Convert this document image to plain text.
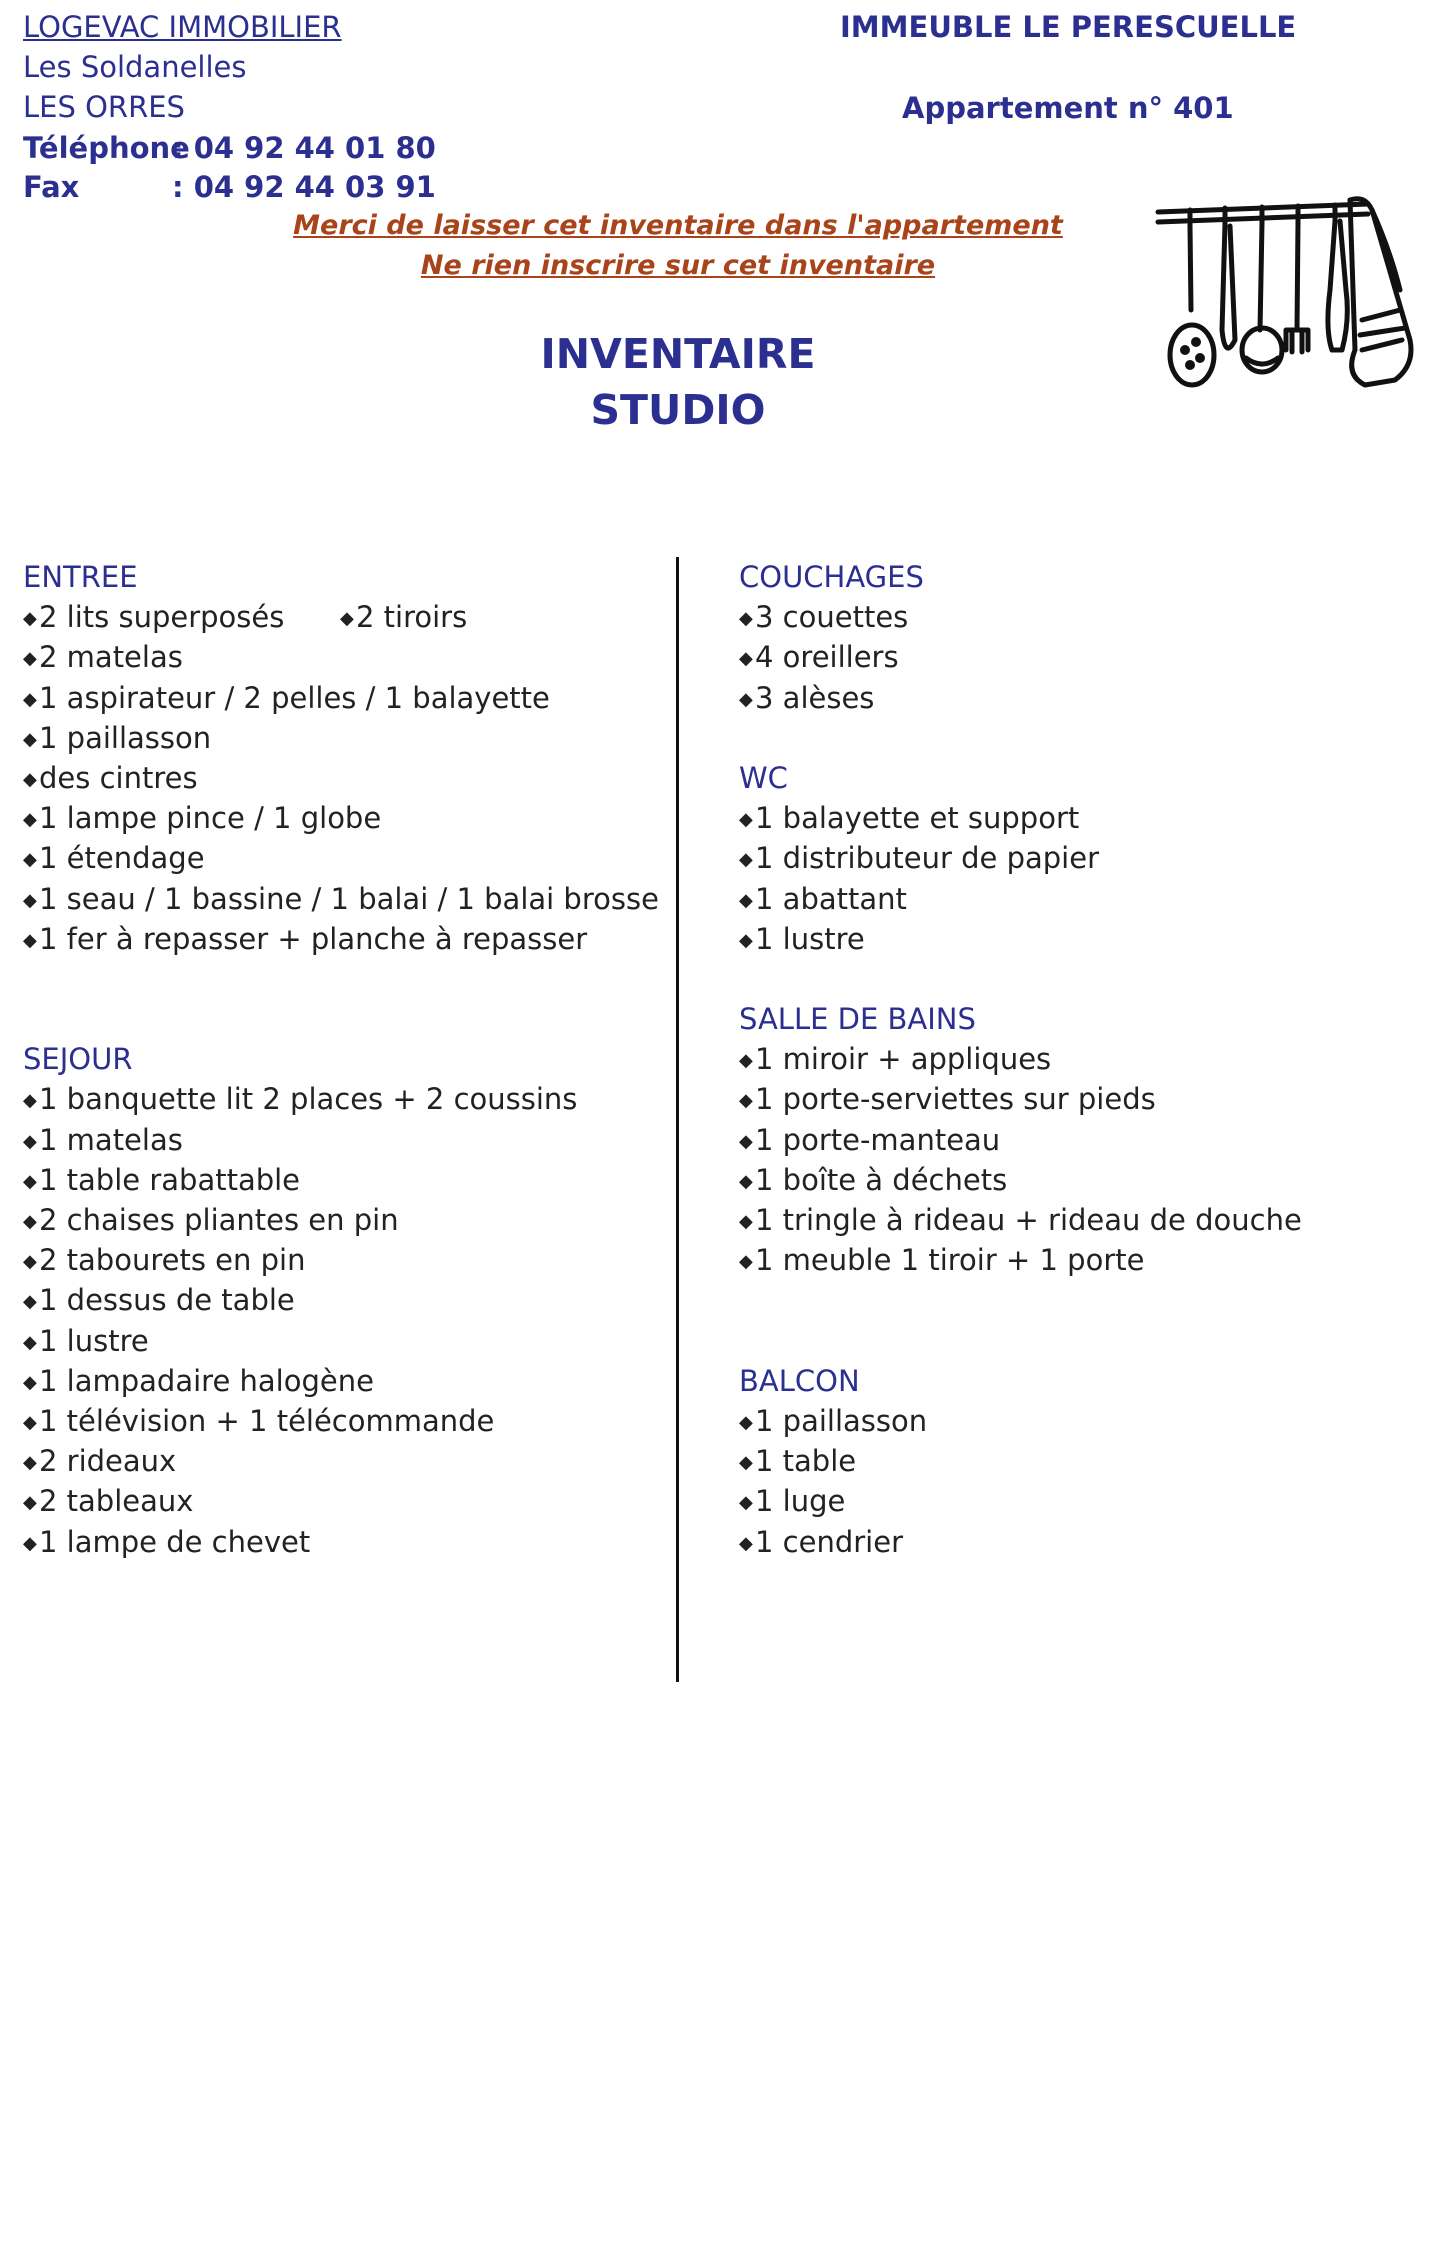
LOGEVAC IMMOBILIER
Les Soldanelles
LES ORRES
Téléphone
: 04 92 44 01 80
Fax	: 04 92 44 03 91
IMMEUBLE LE PERESCUELLE
Appartement n° 401
Merci de laisser cet inventaire dans l'appartement
Ne rien inscrire sur cet inventaire
INVENTAIRE
STUDIO
◆2 tiroirs
ENTREE
◆2 lits superposés
◆2 matelas
◆1 aspirateur / 2 pelles / 1 balayette
◆1 paillasson
◆des cintres
◆1 lampe pince / 1 globe
◆1 étendage
◆1 seau / 1 bassine / 1 balai / 1 balai brosse
◆1 fer à repasser + planche à repasser
SEJOUR
◆1 banquette lit 2 places + 2 coussins
◆1 matelas
◆1 table rabattable
◆2 chaises pliantes en pin
◆2 tabourets en pin
◆1 dessus de table
◆1 lustre
◆1 lampadaire halogène
◆1 télévision + 1 télécommande
◆2 rideaux
◆2 tableaux
◆1 lampe de chevet
COUCHAGES
◆3 couettes
◆4 oreillers
◆3 alèses
WC
◆1 balayette et support
◆1 distributeur de papier
◆1 abattant
◆1 lustre
SALLE DE BAINS
◆1 miroir + appliques
◆1 porte-serviettes sur pieds
◆1 porte-manteau
◆1 boîte à déchets
◆1 tringle à rideau + rideau de douche
◆1 meuble 1 tiroir + 1 porte
BALCON
◆1 paillasson
◆1 table
◆1 luge
◆1 cendrier
